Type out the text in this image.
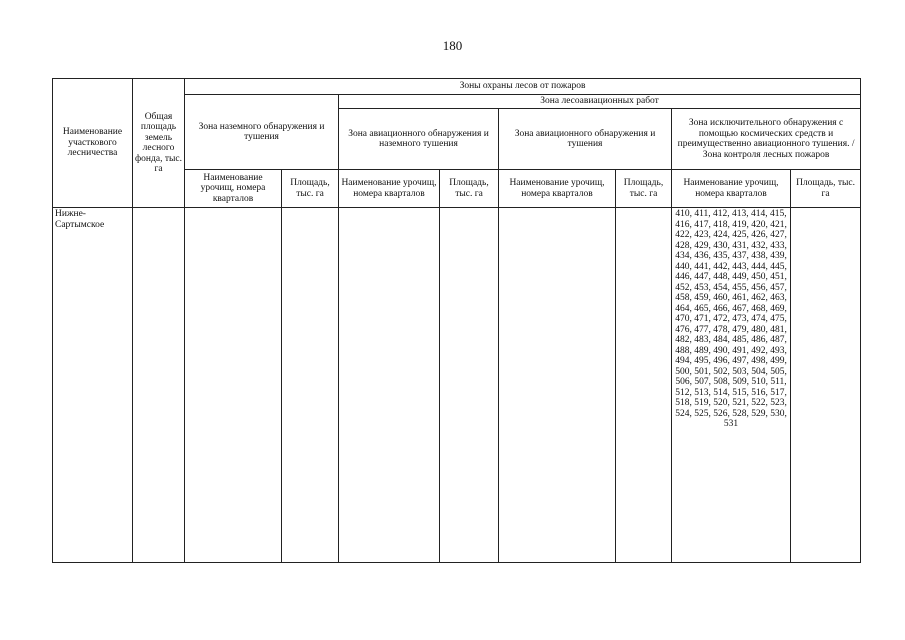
180
Наименование участкового лесничества	Общая площадь земель лесного фонда, тыс. га	Зоны охраны лесов от пожаров							
		Зона наземного обнаружения и тушения		Зона лесоавиационных работ					
				Зона авиационного обнаружения и наземного тушения		Зона авиационного обнаружения и тушения		Зона исключительного обнаружения с помощью космических средств и преимущественно авиационного тушения. / Зона контроля лесных пожаров	
		Наименование урочищ, номера кварталов	Площадь, тыс. га	Наименование урочищ, номера кварталов	Площадь, тыс. га	Наименование урочищ, номера кварталов	Площадь, тыс. га	Наименование урочищ, номера кварталов	Площадь, тыс. га
Нижне-Сартымское								410, 411, 412, 413, 414, 415, 416, 417, 418, 419, 420, 421, 422, 423, 424, 425, 426, 427, 428, 429, 430, 431, 432, 433, 434, 436, 435, 437, 438, 439, 440, 441, 442, 443, 444, 445, 446, 447, 448, 449, 450, 451, 452, 453, 454, 455, 456, 457, 458, 459, 460, 461, 462, 463, 464, 465, 466, 467, 468, 469, 470, 471, 472, 473, 474, 475, 476, 477, 478, 479, 480, 481, 482, 483, 484, 485, 486, 487, 488, 489, 490, 491, 492, 493, 494, 495, 496, 497, 498, 499, 500, 501, 502, 503, 504, 505, 506, 507, 508, 509, 510, 511, 512, 513, 514, 515, 516, 517, 518, 519, 520, 521, 522, 523, 524, 525, 526, 528, 529, 530, 531	
